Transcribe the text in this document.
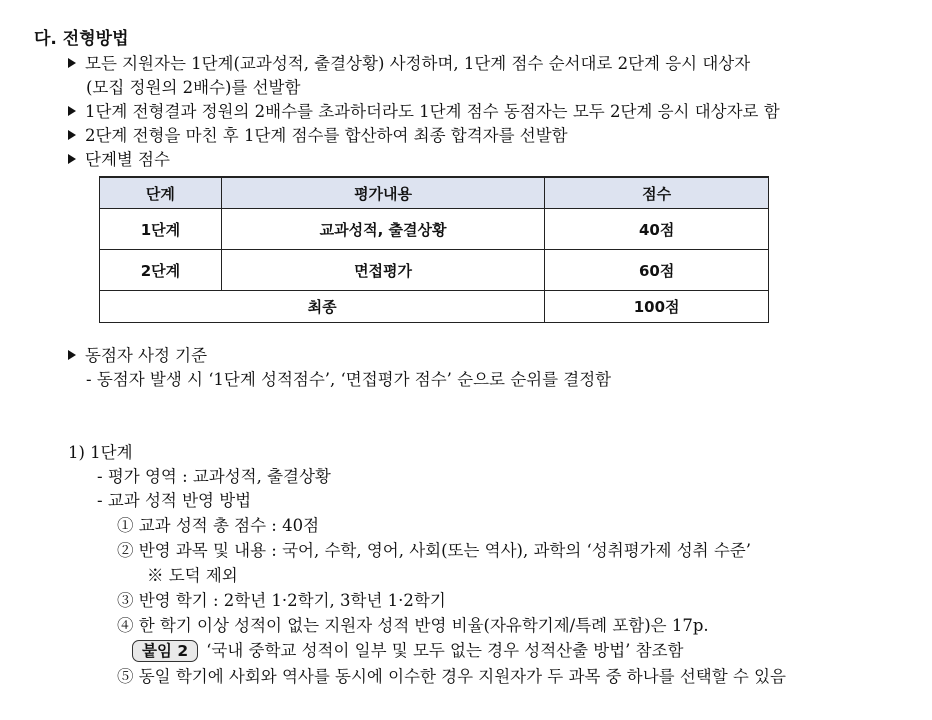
다. 전형방법
모든 지원자는 1단계(교과성적, 출결상황) 사정하며, 1단계 점수 순서대로 2단계 응시 대상자
(모집 정원의 2배수)를 선발함
1단계 전형결과 정원의 2배수를 초과하더라도 1단계 점수 동점자는 모두 2단계 응시 대상자로 함
2단계 전형을 마친 후 1단계 점수를 합산하여 최종 합격자를 선발함
단계별 점수
단계	평가내용	점수
1단계	교과성적, 출결상황	40점
2단계	면접평가	60점
최종		100점
동점자 사정 기준
- 동점자 발생 시 ‘1단계 성적점수’, ‘면접평가 점수’ 순으로 순위를 결정함
1) 1단계
- 평가 영역 : 교과성적, 출결상황
- 교과 성적 반영 방법
① 교과 성적 총 점수 : 40점
② 반영 과목 및 내용 : 국어, 수학, 영어, 사회(또는 역사), 과학의 ‘성취평가제 성취 수준’
※ 도덕 제외
③ 반영 학기 : 2학년 1·2학기, 3학년 1·2학기
④ 한 학기 이상 성적이 없는 지원자 성적 반영 비율(자유학기제/특례 포함)은 17p.
붙임 2 ‘국내 중학교 성적이 일부 및 모두 없는 경우 성적산출 방법’ 참조함
⑤ 동일 학기에 사회와 역사를 동시에 이수한 경우 지원자가 두 과목 중 하나를 선택할 수 있음
